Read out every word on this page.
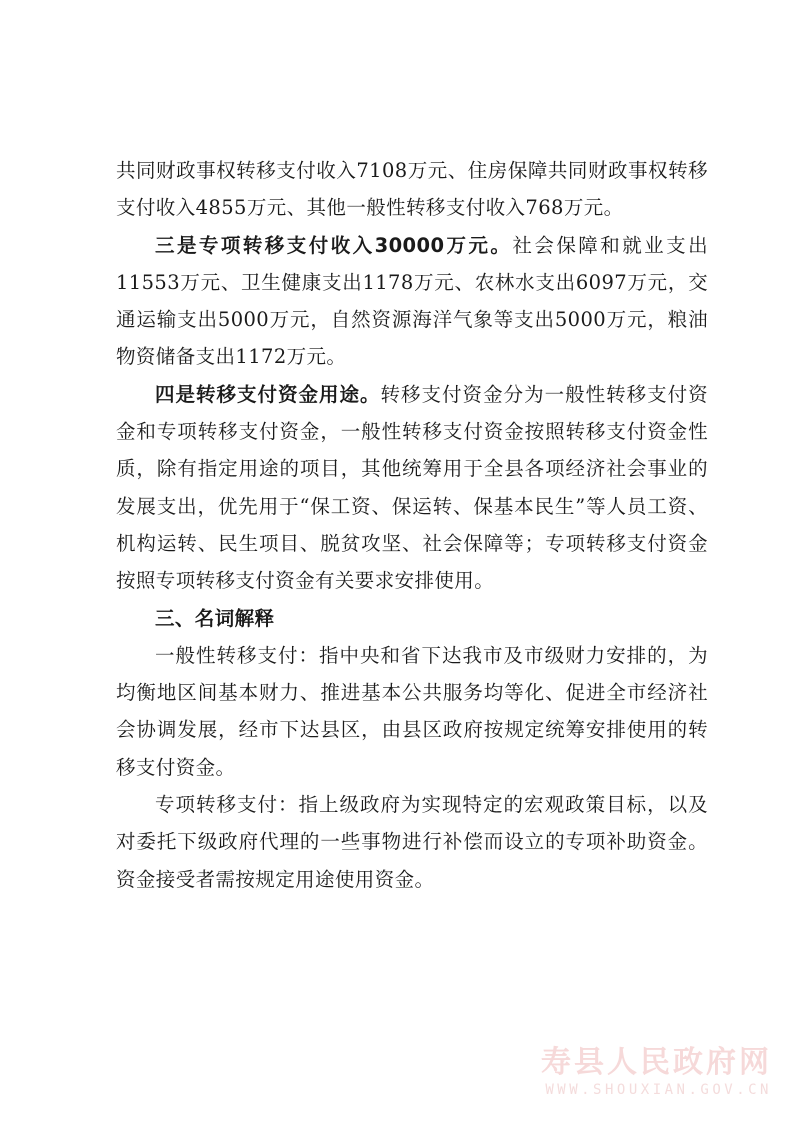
共同财政事权转移支付收入7108万元、住房保障共同财政事权转移支付收入4855万元、其他一般性转移支付收入768万元。

三是专项转移支付收入30000万元。社会保障和就业支出11553万元、卫生健康支出1178万元、农林水支出6097万元，交通运输支出5000万元，自然资源海洋气象等支出5000万元，粮油物资储备支出1172万元。

四是转移支付资金用途。转移支付资金分为一般性转移支付资金和专项转移支付资金，一般性转移支付资金按照转移支付资金性质，除有指定用途的项目，其他统筹用于全县各项经济社会事业的发展支出，优先用于“保工资、保运转、保基本民生”等人员工资、机构运转、民生项目、脱贫攻坚、社会保障等；专项转移支付资金按照专项转移支付资金有关要求安排使用。

三、名词解释

一般性转移支付：指中央和省下达我市及市级财力安排的，为均衡地区间基本财力、推进基本公共服务均等化、促进全市经济社会协调发展，经市下达县区，由县区政府按规定统筹安排使用的转移支付资金。

专项转移支付：指上级政府为实现特定的宏观政策目标，以及对委托下级政府代理的一些事物进行补偿而设立的专项补助资金。资金接受者需按规定用途使用资金。

寿县人民政府网
WWW.SHOUXIAN.GOV.CN
